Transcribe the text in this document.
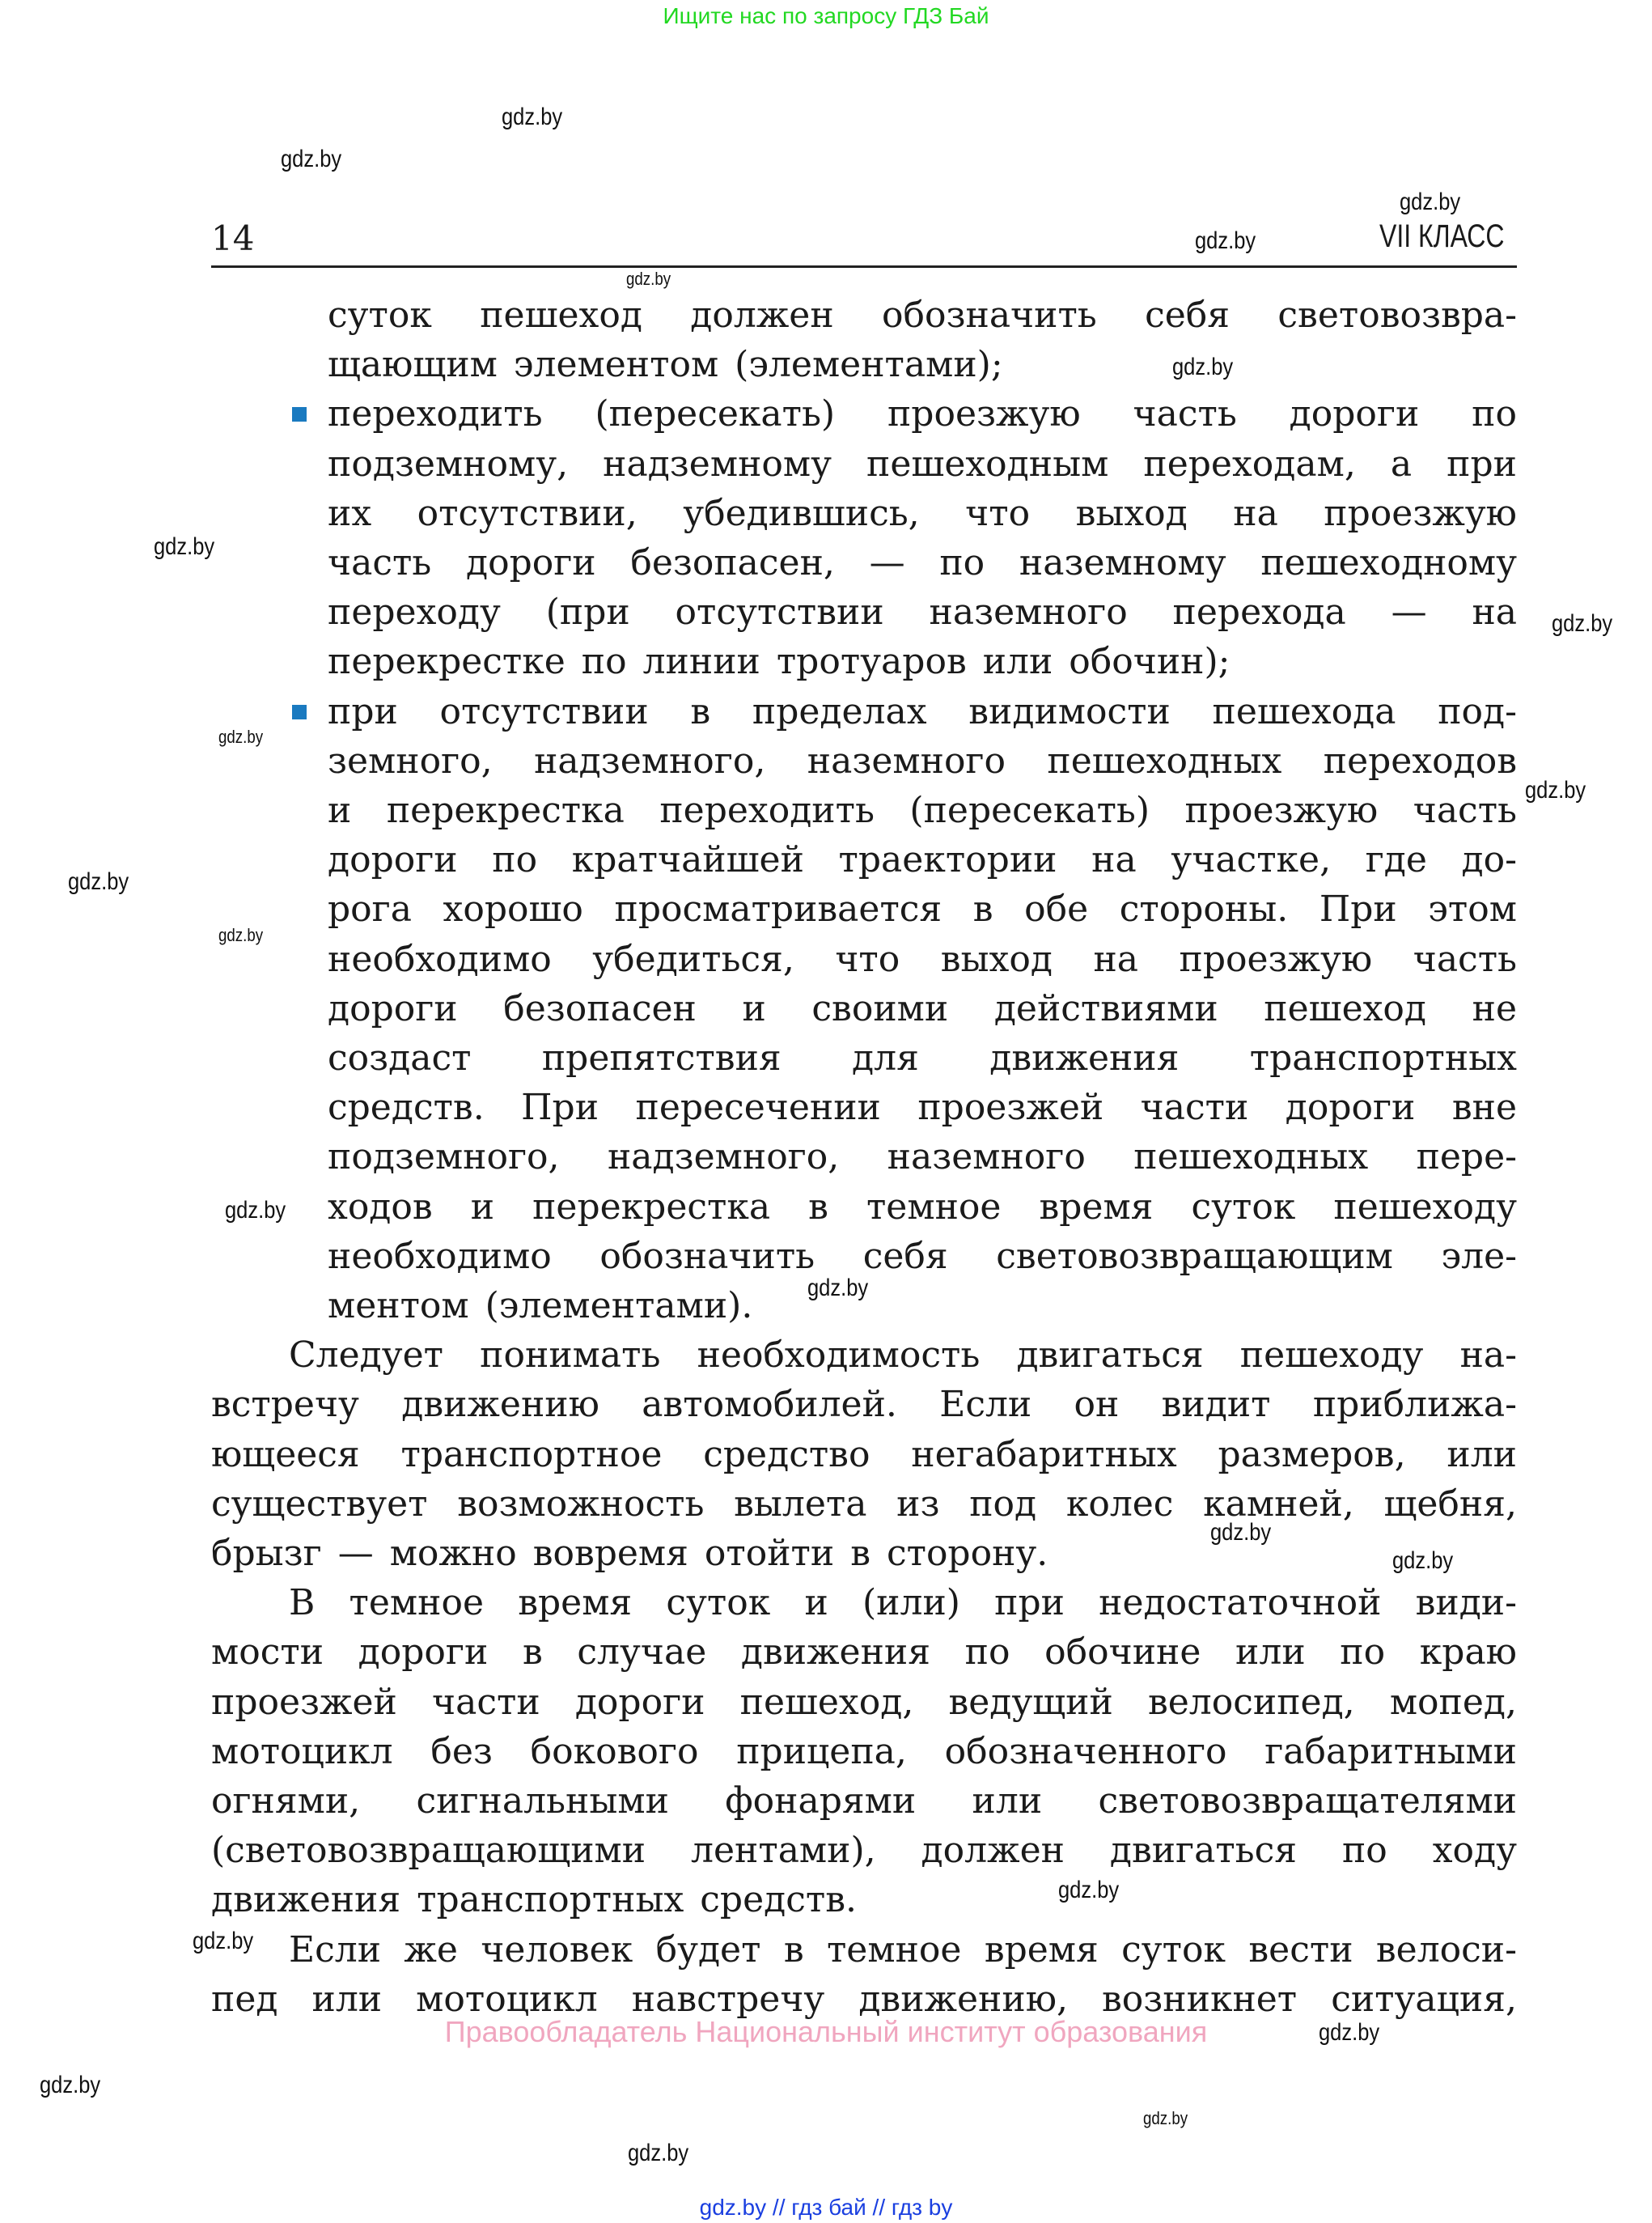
Ищите нас по запросу ГДЗ Бай
14	VII КЛАСС
суток пешеход должен обозначить себя световозвра-
щающим элементом (элементами);
переходить (пересекать) проезжую часть дороги по
подземному, надземному пешеходным переходам, а при
их отсутствии, убедившись, что выход на проезжую
часть дороги безопасен, — по наземному пешеходному
переходу (при отсутствии наземного перехода — на
перекрестке по линии тротуаров или обочин);
при отсутствии в пределах видимости пешехода под-
земного, надземного, наземного пешеходных переходов
и перекрестка переходить (пересекать) проезжую часть
дороги по кратчайшей траектории на участке, где до-
рога хорошо просматривается в обе стороны. При этом
необходимо убедиться, что выход на проезжую часть
дороги безопасен и своими действиями пешеход не
создаст препятствия для движения транспортных
средств. При пересечении проезжей части дороги вне
подземного, надземного, наземного пешеходных пере-
ходов и перекрестка в темное время суток пешеходу
необходимо обозначить себя световозвращающим эле-
ментом (элементами).
Следует понимать необходимость двигаться пешеходу на-
встречу движению автомобилей. Если он видит приближа-
ющееся транспортное средство негабаритных размеров, или
существует возможность вылета из под колес камней, щебня,
брызг — можно вовремя отойти в сторону.
В темное время суток и (или) при недостаточной види-
мости дороги в случае движения по обочине или по краю
проезжей части дороги пешеход, ведущий велосипед, мопед,
мотоцикл без бокового прицепа, обозначенного габаритными
огнями, сигнальными фонарями или световозвращателями
(световозвращающими лентами), должен двигаться по ходу
движения транспортных средств.
Если же человек будет в темное время суток вести велоси-
пед или мотоцикл навстречу движению, возникнет ситуация,
Правообладатель Национальный институт образования
gdz.by // гдз бай // гдз by
gdz.by
gdz.by
gdz.by
gdz.by
gdz.by
gdz.by
gdz.by
gdz.by
gdz.by
gdz.by
gdz.by
gdz.by
gdz.by
gdz.by
gdz.by
gdz.by
gdz.by
gdz.by
gdz.by
gdz.by
gdz.by
gdz.by
